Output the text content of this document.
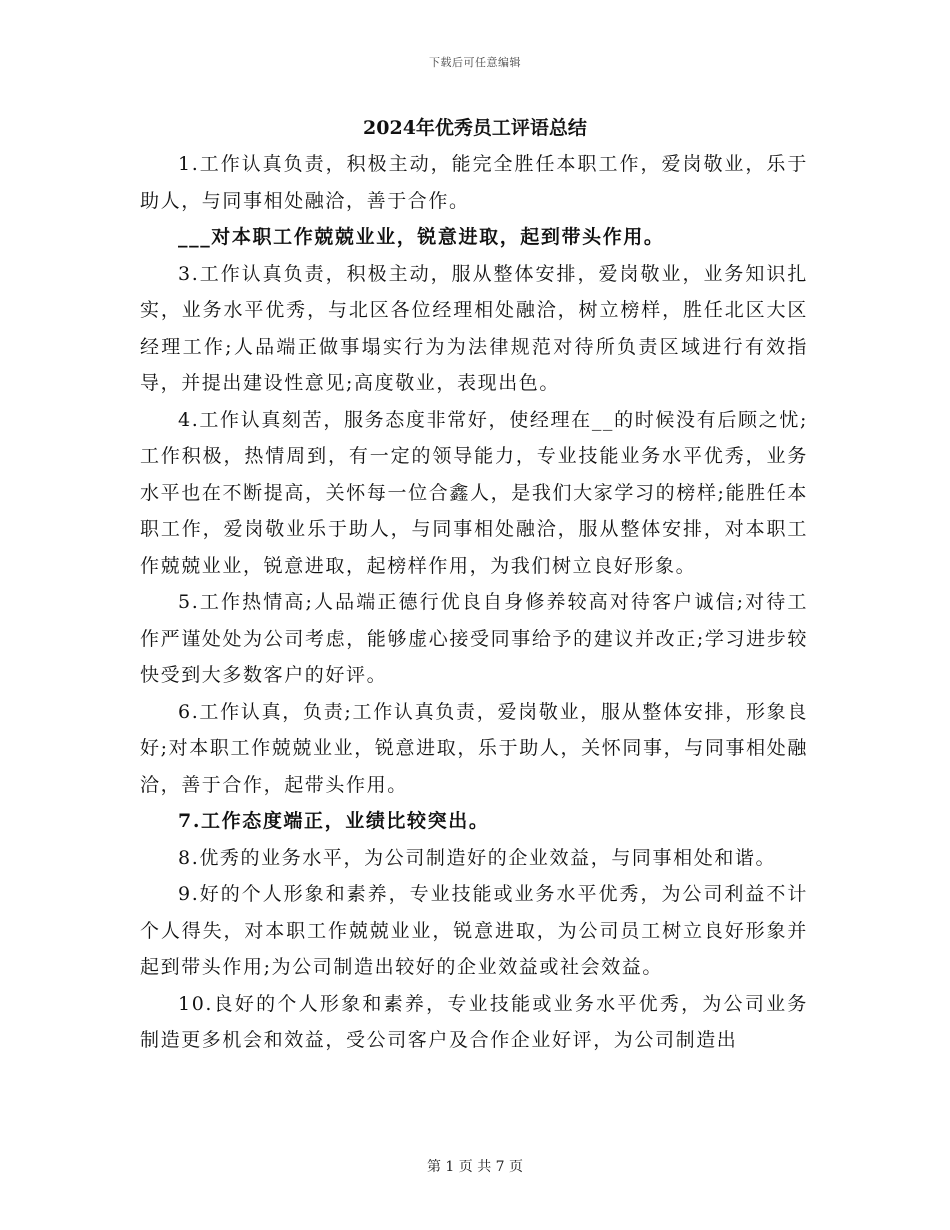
下载后可任意编辑
2024年优秀员工评语总结

1.工作认真负责，积极主动，能完全胜任本职工作，爱岗敬业，乐于助人，与同事相处融洽，善于合作。

___对本职工作兢兢业业，锐意进取，起到带头作用。

3.工作认真负责，积极主动，服从整体安排，爱岗敬业，业务知识扎实，业务水平优秀，与北区各位经理相处融洽，树立榜样，胜任北区大区经理工作;人品端正做事塌实行为为法律规范对待所负责区域进行有效指导，并提出建设性意见;高度敬业，表现出色。

4.工作认真刻苦，服务态度非常好，使经理在__的时候没有后顾之忧;工作积极，热情周到，有一定的领导能力，专业技能业务水平优秀，业务水平也在不断提高，关怀每一位合鑫人，是我们大家学习的榜样;能胜任本职工作，爱岗敬业乐于助人，与同事相处融洽，服从整体安排，对本职工作兢兢业业，锐意进取，起榜样作用，为我们树立良好形象。

5.工作热情高;人品端正德行优良自身修养较高对待客户诚信;对待工作严谨处处为公司考虑，能够虚心接受同事给予的建议并改正;学习进步较快受到大多数客户的好评。

6.工作认真，负责;工作认真负责，爱岗敬业，服从整体安排，形象良好;对本职工作兢兢业业，锐意进取，乐于助人，关怀同事，与同事相处融洽，善于合作，起带头作用。

7.工作态度端正，业绩比较突出。

8.优秀的业务水平，为公司制造好的企业效益，与同事相处和谐。

9.好的个人形象和素养，专业技能或业务水平优秀，为公司利益不计个人得失，对本职工作兢兢业业，锐意进取，为公司员工树立良好形象并起到带头作用;为公司制造出较好的企业效益或社会效益。

10.良好的个人形象和素养，专业技能或业务水平优秀，为公司业务制造更多机会和效益，受公司客户及合作企业好评，为公司制造出

第 1 页 共 7 页
